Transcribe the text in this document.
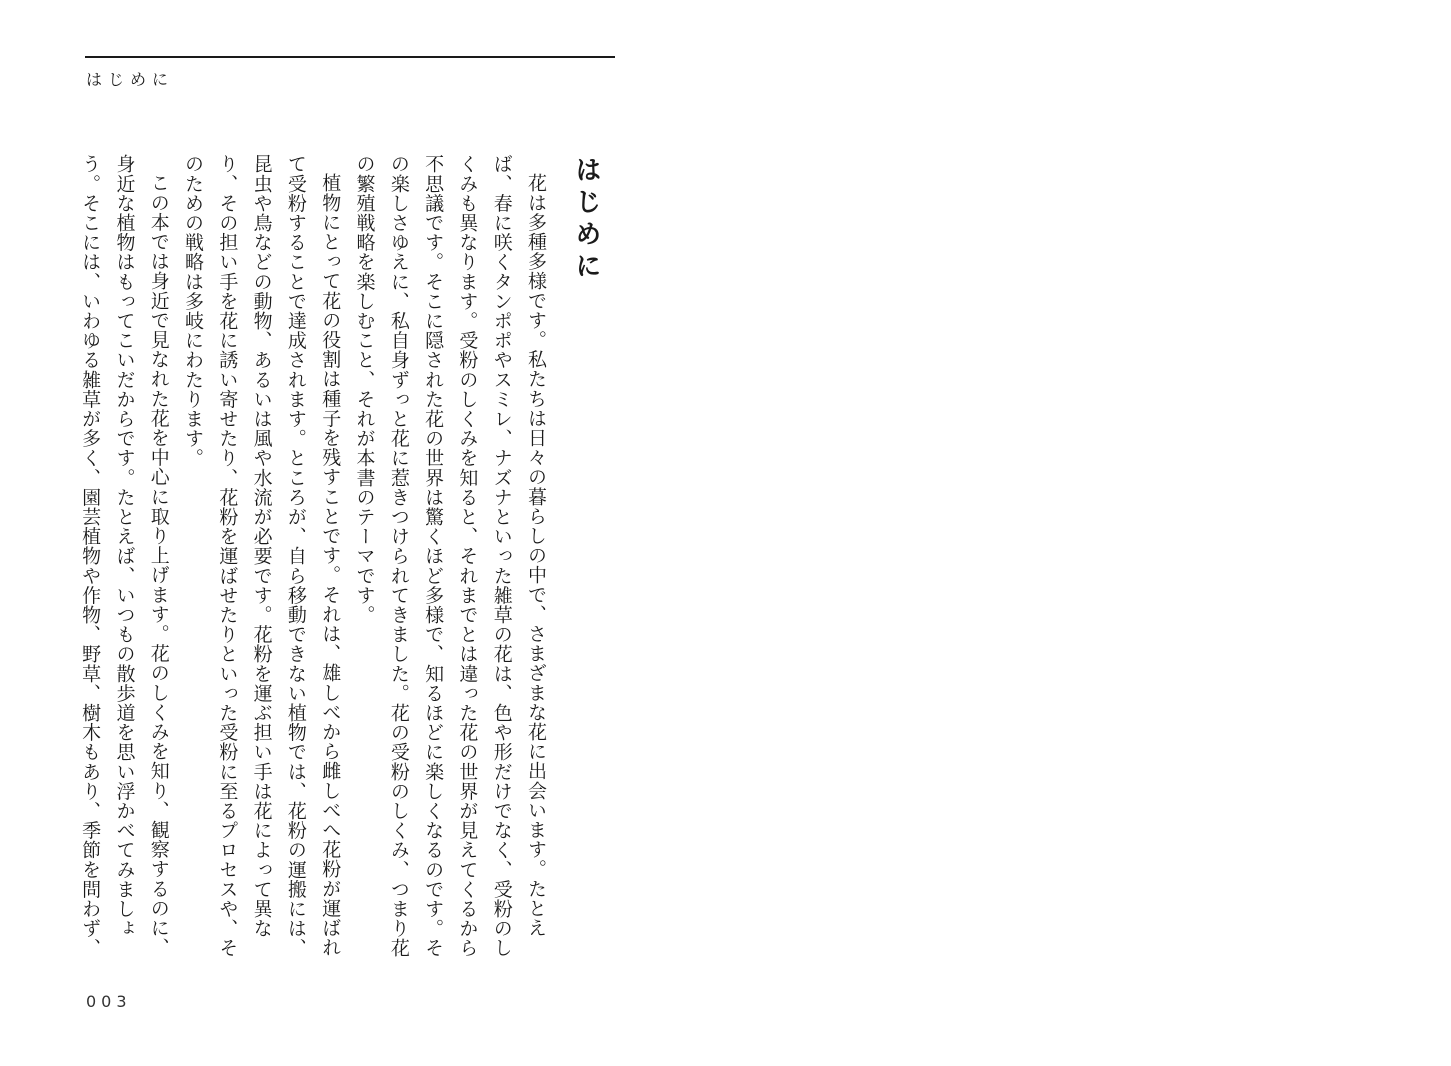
はじめに
はじめに

花は多種多様です。私たちは日々の暮らしの中で、さまざまな花に出会います。たとえば、春に咲くタンポポやスミレ、ナズナといった雑草の花は、色や形だけでなく、受粉のしくみも異なります。受粉のしくみを知ると、それまでとは違った花の世界が見えてくるから不思議です。そこに隠された花の世界は驚くほど多様で、知るほどに楽しくなるのです。その楽しさゆえに、私自身ずっと花に惹きつけられてきました。花の受粉のしくみ、つまり花の繁殖戦略を楽しむこと、それが本書のテーマです。

植物にとって花の役割は種子を残すことです。それは、雄しべから雌しべへ花粉が運ばれて受粉することで達成されます。ところが、自ら移動できない植物では、花粉の運搬には、昆虫や鳥などの動物、あるいは風や水流が必要です。花粉を運ぶ担い手は花によって異なり、その担い手を花に誘い寄せたり、花粉を運ばせたりといった受粉に至るプロセスや、そのための戦略は多岐にわたります。

この本では身近で見なれた花を中心に取り上げます。花のしくみを知り、観察するのに、身近な植物はもってこいだからです。たとえば、いつもの散歩道を思い浮かべてみましょう。そこには、いわゆる雑草が多く、園芸植物や作物、野草、樹木もあり、季節を問わず、

003
